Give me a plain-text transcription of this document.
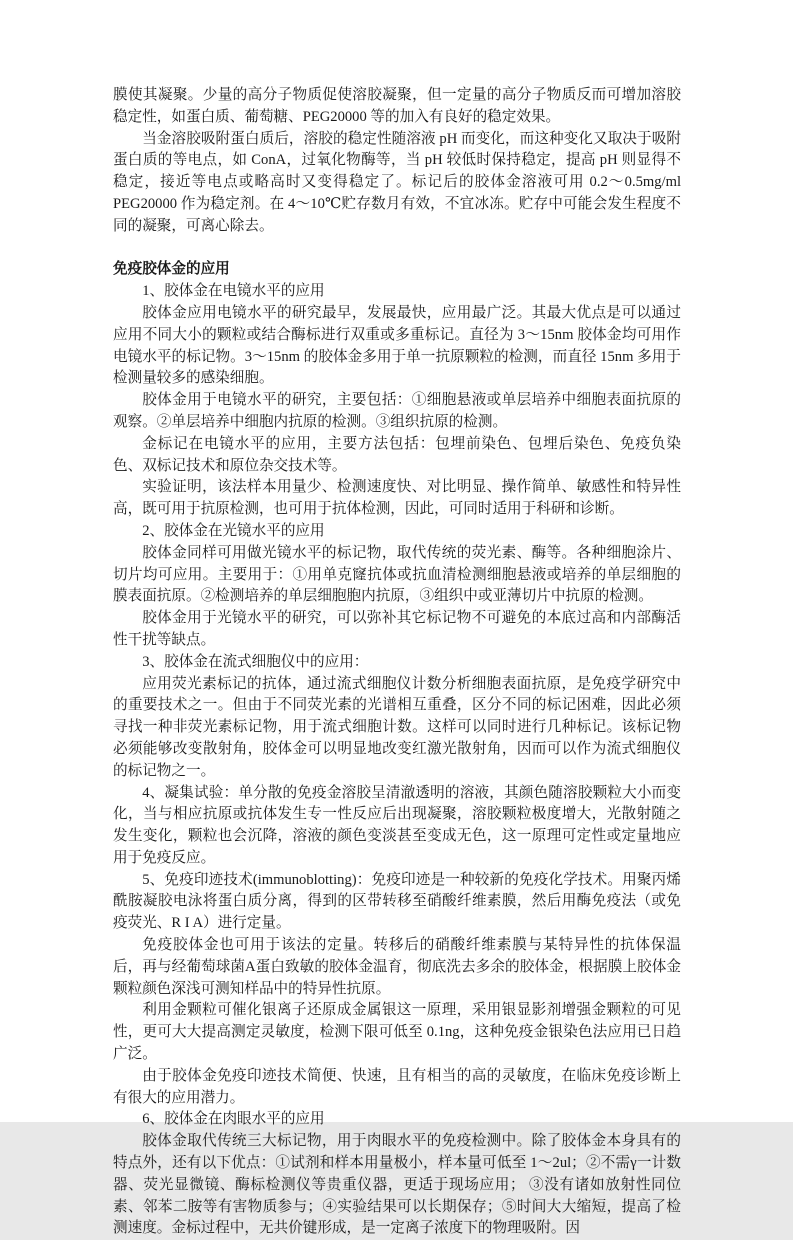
膜使其凝聚。少量的高分子物质促使溶胶凝聚，但一定量的高分子物质反而可增加溶胶稳定性，如蛋白质、葡萄糖、PEG20000 等的加入有良好的稳定效果。

当金溶胶吸附蛋白质后，溶胶的稳定性随溶液 pH 而变化，而这种变化又取决于吸附蛋白质的等电点，如 ConA，过氧化物酶等，当 pH 较低时保持稳定，提高 pH 则显得不稳定，接近等电点或略高时又变得稳定了。标记后的胶体金溶液可用 0.2～0.5mg/ml PEG20000 作为稳定剂。在 4～10℃贮存数月有效，不宜冰冻。贮存中可能会发生程度不同的凝聚，可离心除去。

免疫胶体金的应用

1、胶体金在电镜水平的应用

胶体金应用电镜水平的研究最早，发展最快，应用最广泛。其最大优点是可以通过应用不同大小的颗粒或结合酶标进行双重或多重标记。直径为 3～15nm 胶体金均可用作电镜水平的标记物。3～15nm 的胶体金多用于单一抗原颗粒的检测，而直径 15nm 多用于检测量较多的感染细胞。

胶体金用于电镜水平的研究，主要包括：①细胞悬液或单层培养中细胞表面抗原的观察。②单层培养中细胞内抗原的检测。③组织抗原的检测。

金标记在电镜水平的应用，主要方法包括：包埋前染色、包埋后染色、免疫负染色、双标记技术和原位杂交技术等。

实验证明，该法样本用量少、检测速度快、对比明显、操作简单、敏感性和特异性高，既可用于抗原检测，也可用于抗体检测，因此，可同时适用于科研和诊断。

2、胶体金在光镜水平的应用

胶体金同样可用做光镜水平的标记物，取代传统的荧光素、酶等。各种细胞涂片、切片均可应用。主要用于：①用单克窿抗体或抗血清检测细胞悬液或培养的单层细胞的膜表面抗原。②检测培养的单层细胞胞内抗原，③组织中或亚薄切片中抗原的检测。

胶体金用于光镜水平的研究，可以弥补其它标记物不可避免的本底过高和内部酶活性干扰等缺点。

3、胶体金在流式细胞仪中的应用：

应用荧光素标记的抗体，通过流式细胞仪计数分析细胞表面抗原，是免疫学研究中的重要技术之一。但由于不同荧光素的光谱相互重叠，区分不同的标记困难，因此必须寻找一种非荧光素标记物，用于流式细胞计数。这样可以同时进行几种标记。该标记物必须能够改变散射角，胶体金可以明显地改变红激光散射角，因而可以作为流式细胞仪的标记物之一。

4、凝集试验：单分散的免疫金溶胶呈清澈透明的溶液，其颜色随溶胶颗粒大小而变化，当与相应抗原或抗体发生专一性反应后出现凝聚，溶胶颗粒极度增大，光散射随之发生变化，颗粒也会沉降，溶液的颜色变淡甚至变成无色，这一原理可定性或定量地应用于免疫反应。

5、免疫印迹技术(immunoblotting)：免疫印迹是一种较新的免疫化学技术。用聚丙烯酰胺凝胶电泳将蛋白质分离，得到的区带转移至硝酸纤维素膜，然后用酶免疫法（或免疫荧光、R I A）进行定量。

免疫胶体金也可用于该法的定量。转移后的硝酸纤维素膜与某特异性的抗体保温后，再与经葡萄球菌A蛋白致敏的胶体金温育，彻底洗去多余的胶体金，根据膜上胶体金颗粒颜色深浅可测知样品中的特异性抗原。

利用金颗粒可催化银离子还原成金属银这一原理，采用银显影剂增强金颗粒的可见性，更可大大提高测定灵敏度，检测下限可低至 0.1ng，这种免疫金银染色法应用已日趋广泛。

由于胶体金免疫印迹技术简便、快速，且有相当的高的灵敏度，在临床免疫诊断上有很大的应用潜力。

6、胶体金在肉眼水平的应用

胶体金取代传统三大标记物，用于肉眼水平的免疫检测中。除了胶体金本身具有的特点外，还有以下优点：①试剂和样本用量极小，样本量可低至 1～2ul；②不需γ一计数器、荧光显微镜、酶标检测仪等贵重仪器，更适于现场应用； ③没有诸如放射性同位素、邻苯二胺等有害物质参与；④实验结果可以长期保存；⑤时间大大缩短，提高了检测速度。金标过程中，无共价键形成，是一定离子浓度下的物理吸附。因
